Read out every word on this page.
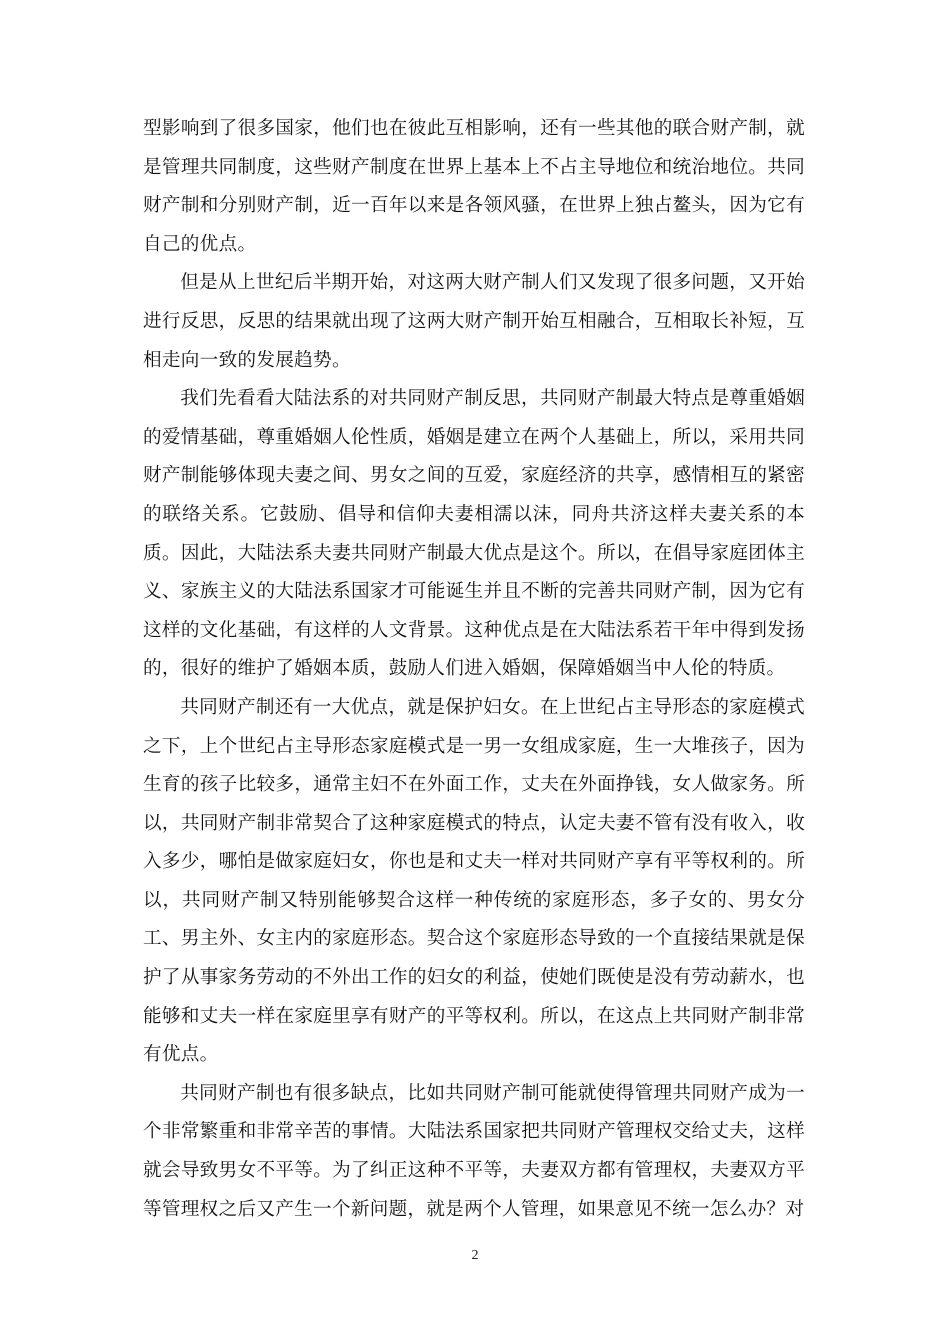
型影响到了很多国家，他们也在彼此互相影响，还有一些其他的联合财产制，就是管理共同制度，这些财产制度在世界上基本上不占主导地位和统治地位。共同财产制和分别财产制，近一百年以来是各领风骚，在世界上独占鳌头，因为它有自己的优点。

但是从上世纪后半期开始，对这两大财产制人们又发现了很多问题，又开始进行反思，反思的结果就出现了这两大财产制开始互相融合，互相取长补短，互相走向一致的发展趋势。

我们先看看大陆法系的对共同财产制反思，共同财产制最大特点是尊重婚姻的爱情基础，尊重婚姻人伦性质，婚姻是建立在两个人基础上，所以，采用共同财产制能够体现夫妻之间、男女之间的互爱，家庭经济的共享，感情相互的紧密的联络关系。它鼓励、倡导和信仰夫妻相濡以沫，同舟共济这样夫妻关系的本质。因此，大陆法系夫妻共同财产制最大优点是这个。所以，在倡导家庭团体主义、家族主义的大陆法系国家才可能诞生并且不断的完善共同财产制，因为它有这样的文化基础，有这样的人文背景。这种优点是在大陆法系若干年中得到发扬的，很好的维护了婚姻本质，鼓励人们进入婚姻，保障婚姻当中人伦的特质。

共同财产制还有一大优点，就是保护妇女。在上世纪占主导形态的家庭模式之下，上个世纪占主导形态家庭模式是一男一女组成家庭，生一大堆孩子，因为生育的孩子比较多，通常主妇不在外面工作，丈夫在外面挣钱，女人做家务。所以，共同财产制非常契合了这种家庭模式的特点，认定夫妻不管有没有收入，收入多少，哪怕是做家庭妇女，你也是和丈夫一样对共同财产享有平等权利的。所以，共同财产制又特别能够契合这样一种传统的家庭形态，多子女的、男女分工、男主外、女主内的家庭形态。契合这个家庭形态导致的一个直接结果就是保护了从事家务劳动的不外出工作的妇女的利益，使她们既使是没有劳动薪水，也能够和丈夫一样在家庭里享有财产的平等权利。所以，在这点上共同财产制非常有优点。

共同财产制也有很多缺点，比如共同财产制可能就使得管理共同财产成为一个非常繁重和非常辛苦的事情。大陆法系国家把共同财产管理权交给丈夫，这样就会导致男女不平等。为了纠正这种不平等，夫妻双方都有管理权，夫妻双方平等管理权之后又产生一个新问题，就是两个人管理，如果意见不统一怎么办？对

2
